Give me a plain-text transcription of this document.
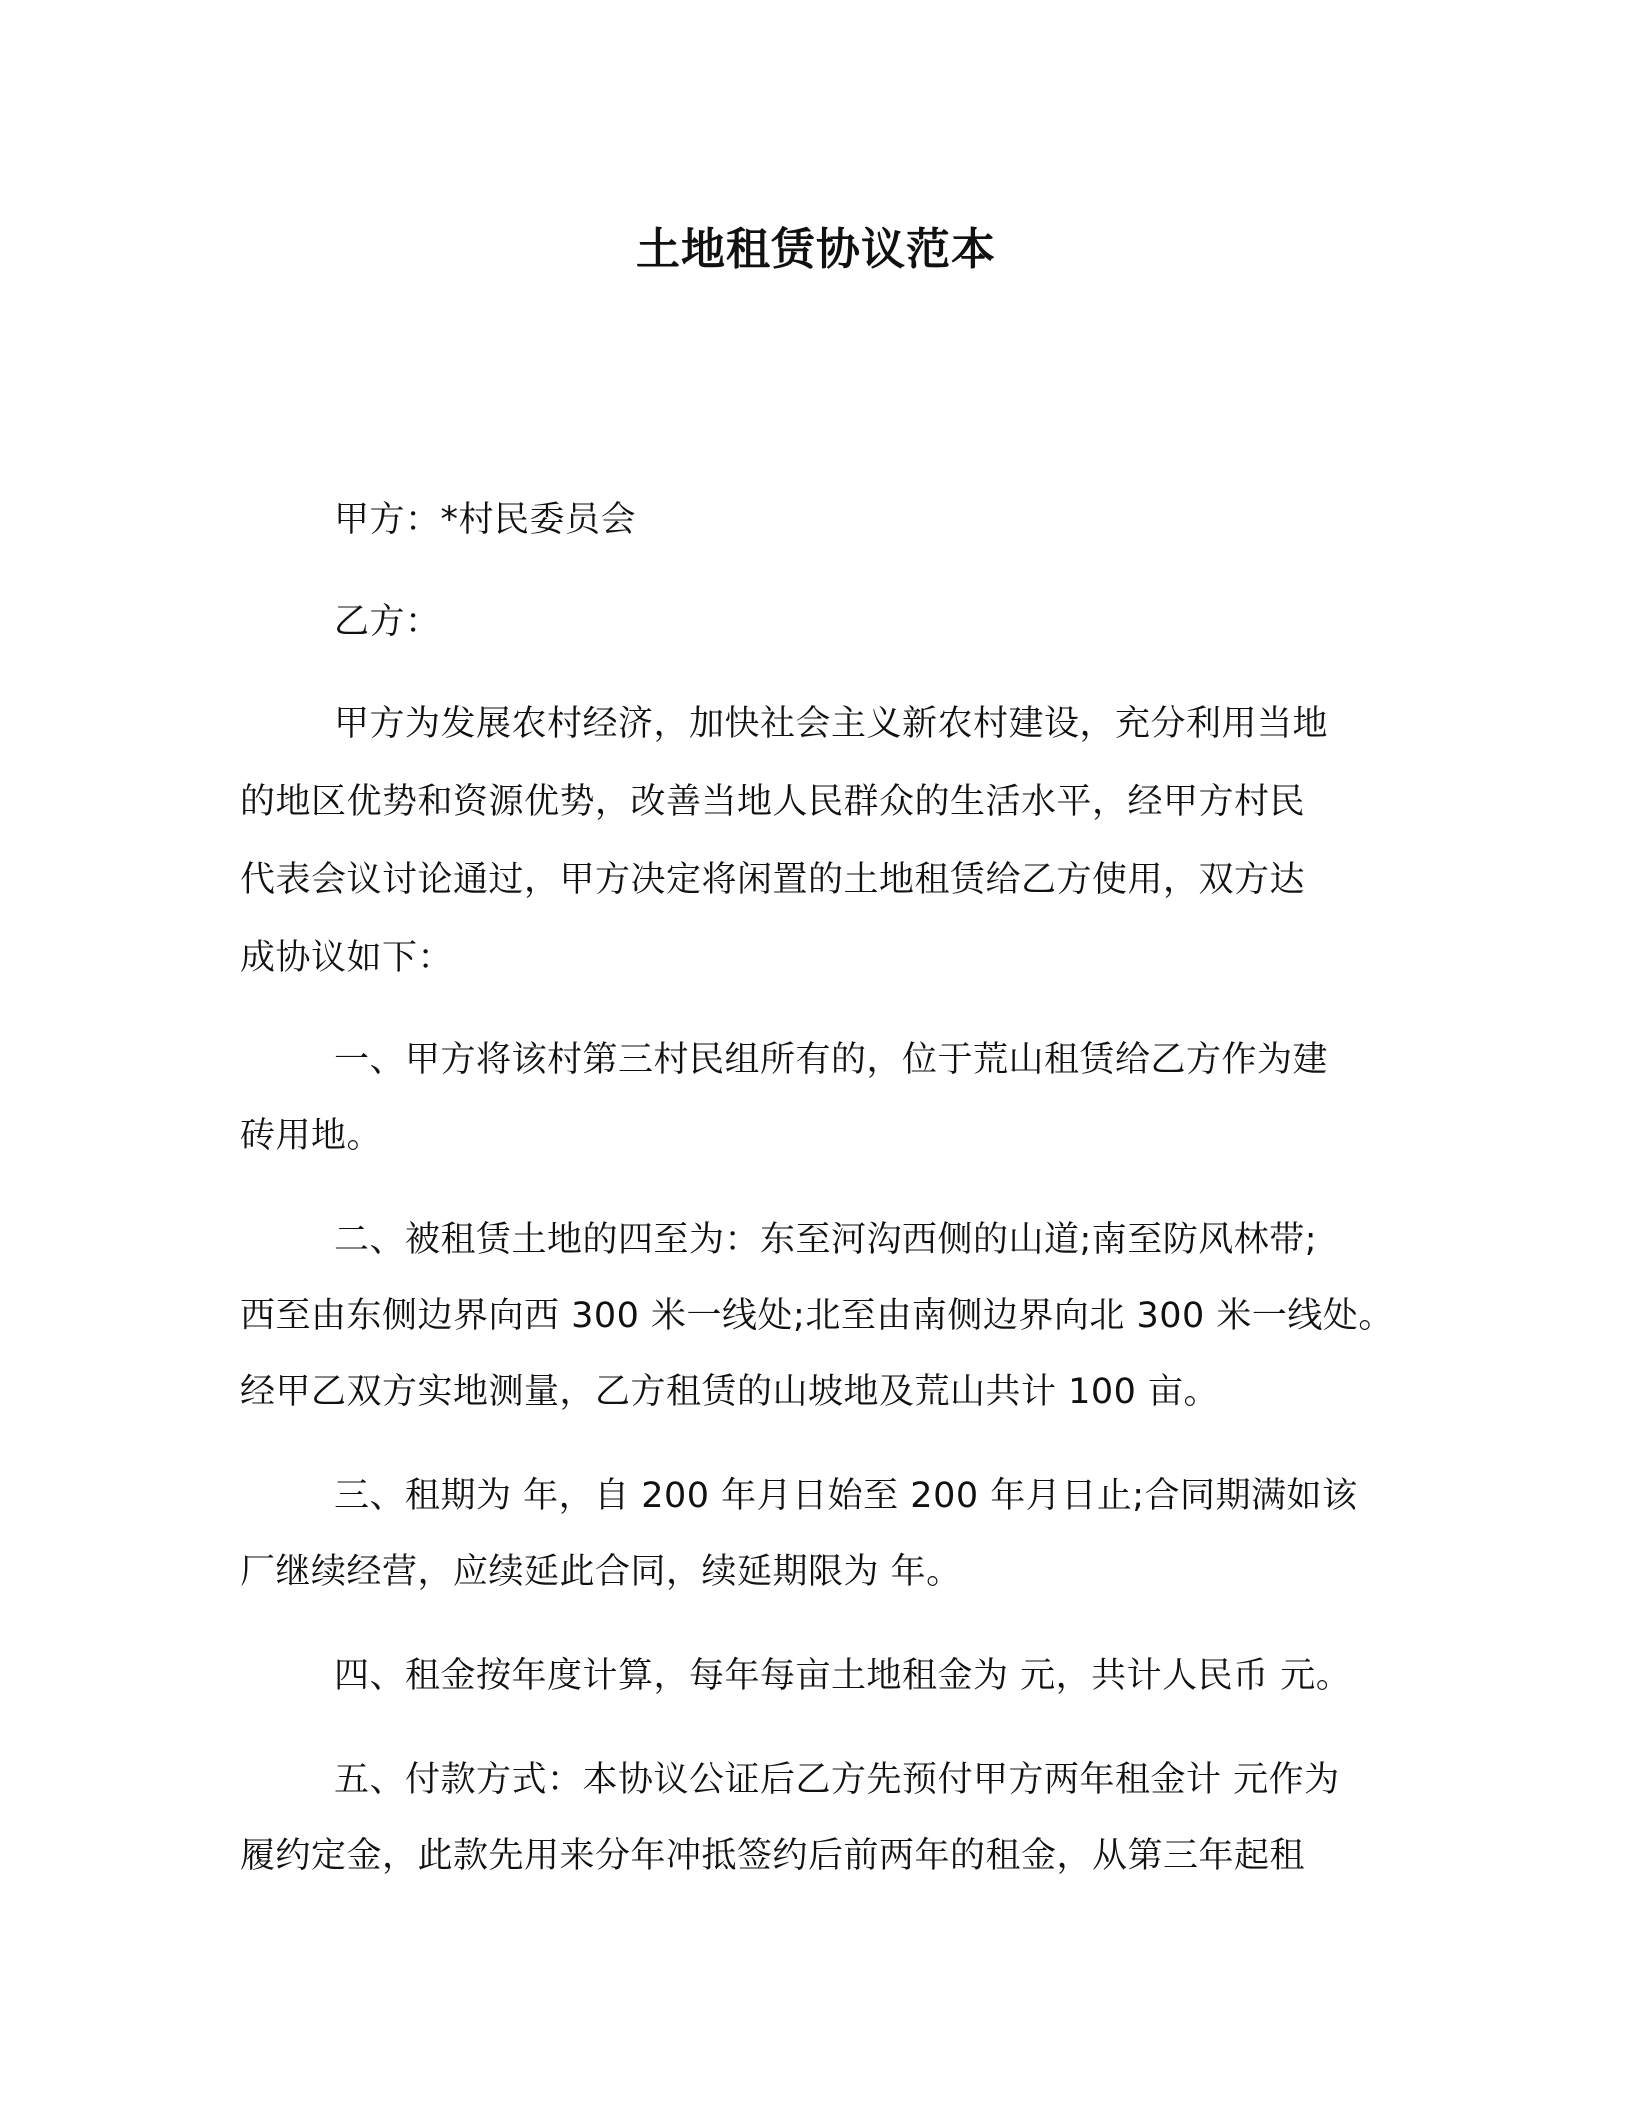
土地租赁协议范本
甲方：*村民委员会
乙方：
甲方为发展农村经济，加快社会主义新农村建设，充分利用当地
的地区优势和资源优势，改善当地人民群众的生活水平，经甲方村民
代表会议讨论通过，甲方决定将闲置的土地租赁给乙方使用，双方达
成协议如下：
一、甲方将该村第三村民组所有的，位于荒山租赁给乙方作为建
砖用地。
二、被租赁土地的四至为：东至河沟西侧的山道;南至防风林带;
西至由东侧边界向西 300 米一线处;北至由南侧边界向北 300 米一线处。
经甲乙双方实地测量，乙方租赁的山坡地及荒山共计 100 亩。
三、租期为 年，自 200 年月日始至 200 年月日止;合同期满如该
厂继续经营，应续延此合同，续延期限为 年。
四、租金按年度计算，每年每亩土地租金为 元，共计人民币 元。
五、付款方式：本协议公证后乙方先预付甲方两年租金计 元作为
履约定金，此款先用来分年冲抵签约后前两年的租金，从第三年起租
